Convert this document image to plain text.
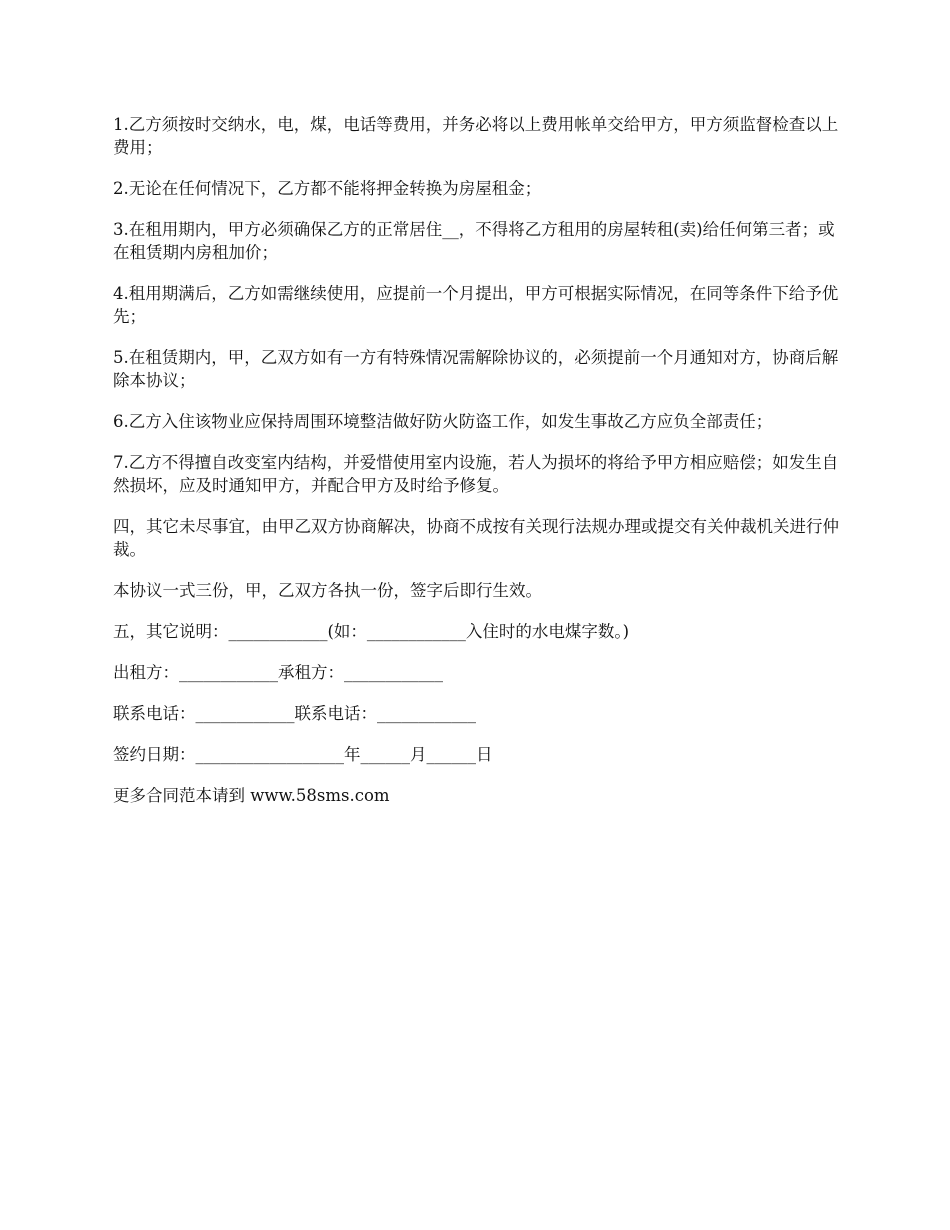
1.乙方须按时交纳水，电，煤，电话等费用，并务必将以上费用帐单交给甲方，甲方须监督检查以上费用；

2.无论在任何情况下，乙方都不能将押金转换为房屋租金；

3.在租用期内，甲方必须确保乙方的正常居住__，不得将乙方租用的房屋转租(卖)给任何第三者；或在租赁期内房租加价；

4.租用期满后，乙方如需继续使用，应提前一个月提出，甲方可根据实际情况，在同等条件下给予优先；

5.在租赁期内，甲，乙双方如有一方有特殊情况需解除协议的，必须提前一个月通知对方，协商后解除本协议；

6.乙方入住该物业应保持周围环境整洁做好防火防盗工作，如发生事故乙方应负全部责任；

7.乙方不得擅自改变室内结构，并爱惜使用室内设施，若人为损坏的将给予甲方相应赔偿；如发生自然损坏，应及时通知甲方，并配合甲方及时给予修复。

四，其它未尽事宜，由甲乙双方协商解决，协商不成按有关现行法规办理或提交有关仲裁机关进行仲裁。

本协议一式三份，甲，乙双方各执一份，签字后即行生效。

五，其它说明：____________(如：____________入住时的水电煤字数。)

出租方：____________承租方：____________

联系电话：____________联系电话：____________

签约日期：__________________年______月______日

更多合同范本请到 www.58sms.com
